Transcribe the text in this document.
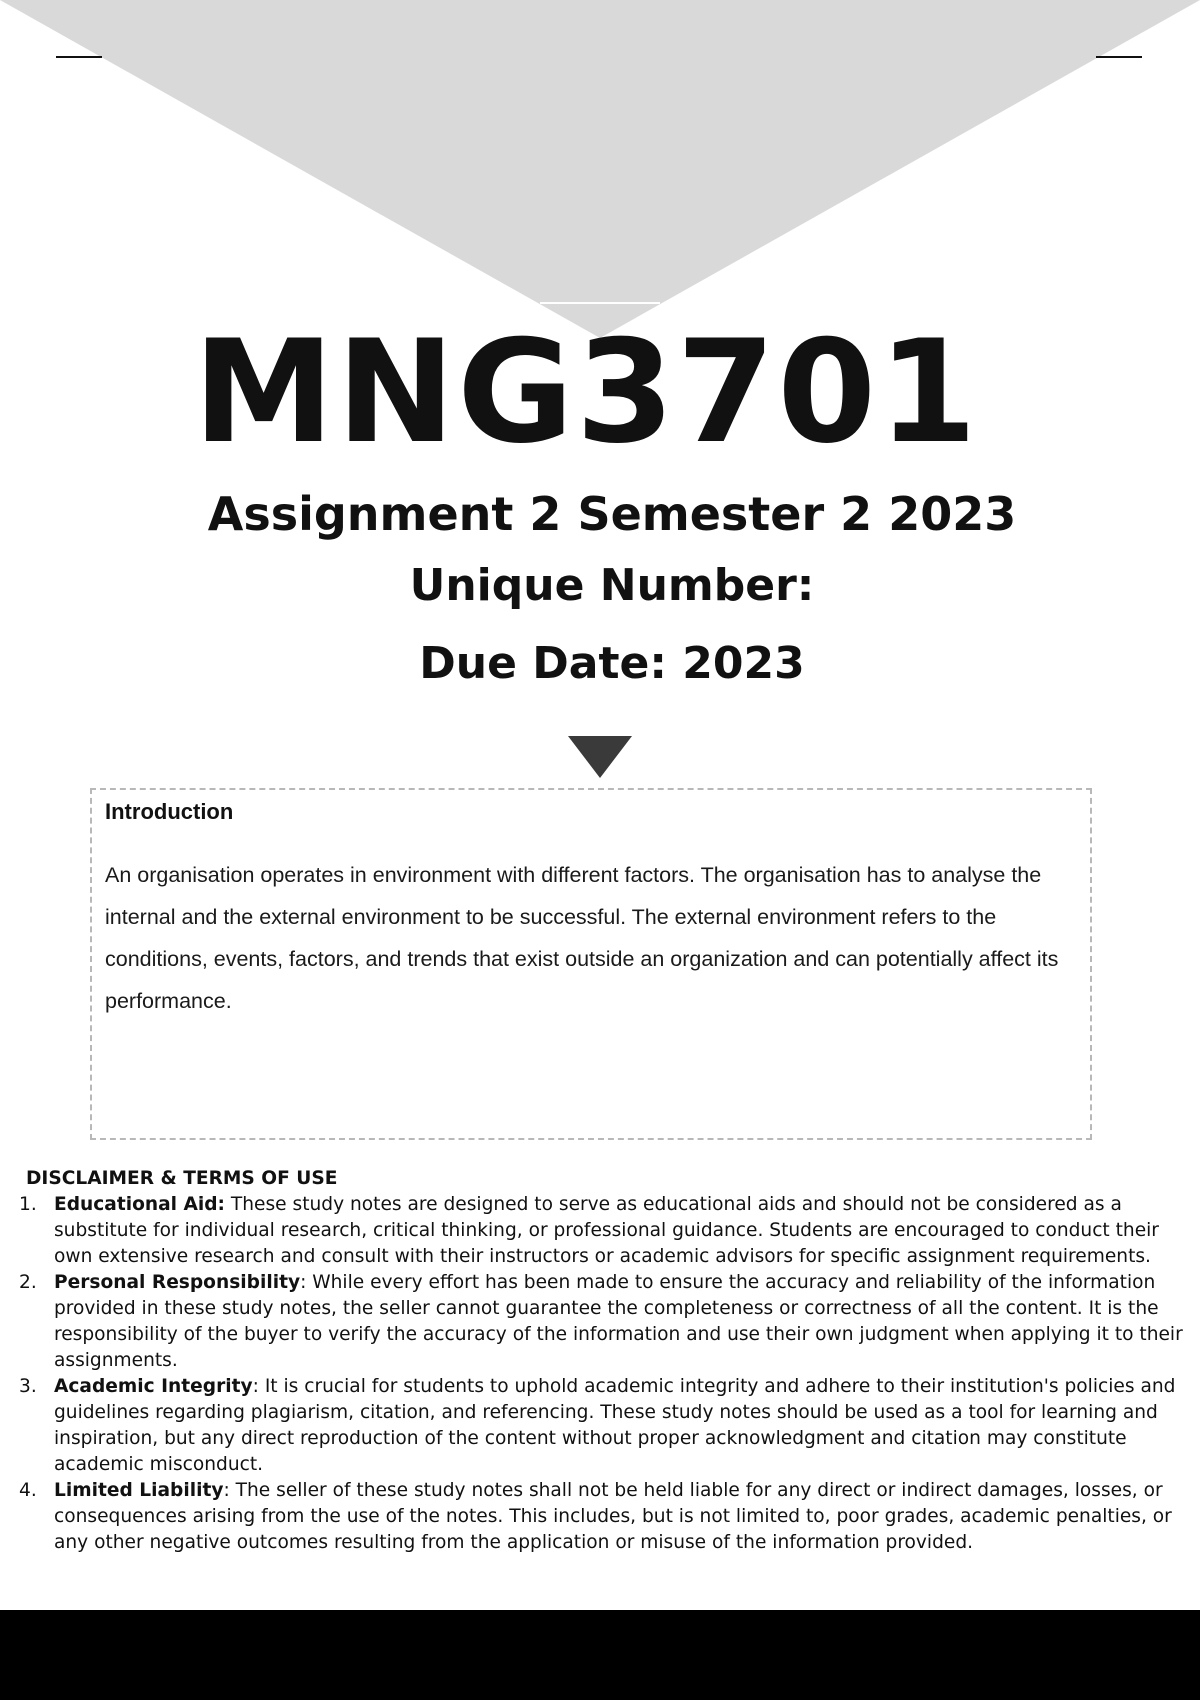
MNG3701
Assignment 2 Semester 2 2023
Unique Number:
Due Date: 2023
Introduction
An organisation operates in environment with different factors. The organisation has to analyse the internal and the external environment to be successful. The external environment refers to the conditions, events, factors, and trends that exist outside an organization and can potentially affect its performance.
DISCLAIMER & TERMS OF USE
1. Educational Aid: These study notes are designed to serve as educational aids and should not be considered as a substitute for individual research, critical thinking, or professional guidance. Students are encouraged to conduct their own extensive research and consult with their instructors or academic advisors for specific assignment requirements.
2. Personal Responsibility: While every effort has been made to ensure the accuracy and reliability of the information provided in these study notes, the seller cannot guarantee the completeness or correctness of all the content. It is the responsibility of the buyer to verify the accuracy of the information and use their own judgment when applying it to their assignments.
3. Academic Integrity: It is crucial for students to uphold academic integrity and adhere to their institution's policies and guidelines regarding plagiarism, citation, and referencing. These study notes should be used as a tool for learning and inspiration, but any direct reproduction of the content without proper acknowledgment and citation may constitute academic misconduct.
4. Limited Liability: The seller of these study notes shall not be held liable for any direct or indirect damages, losses, or consequences arising from the use of the notes. This includes, but is not limited to, poor grades, academic penalties, or any other negative outcomes resulting from the application or misuse of the information provided.
